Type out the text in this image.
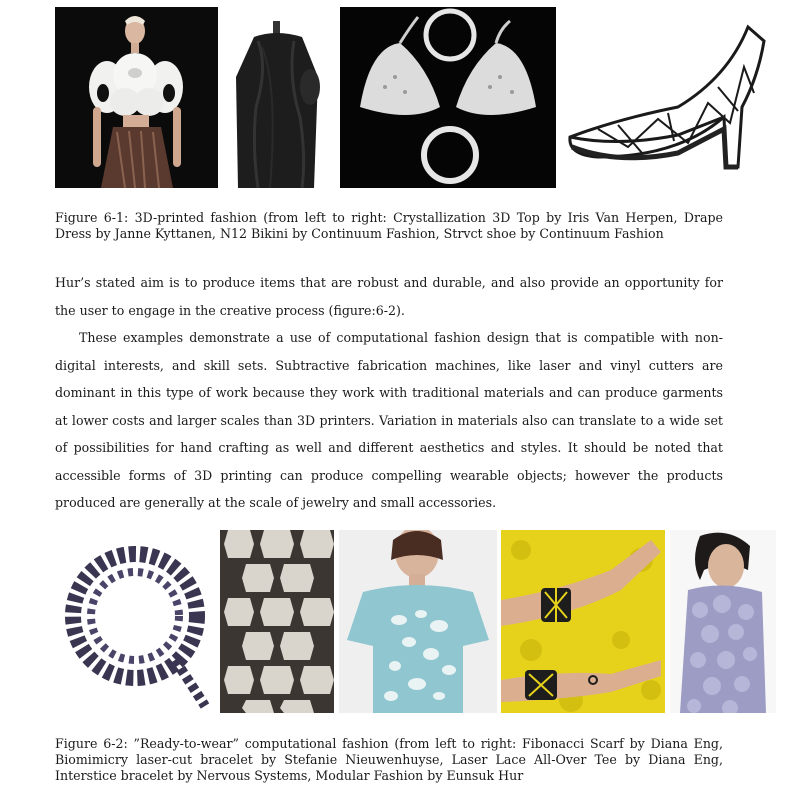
Figure 6-1: 3D-printed fashion (from left to right: Crystallization 3D Top by Iris Van Herpen, Drape Dress by Janne Kyttanen, N12 Bikini by Continuum Fashion, Strvct shoe by Continuum Fashion

Hur’s stated aim is to produce items that are robust and durable, and also provide an opportunity for the user to engage in the creative process (figure:6-2).

These examples demonstrate a use of computational fashion design that is compatible with non-digital interests, and skill sets. Subtractive fabrication machines, like laser and vinyl cutters are dominant in this type of work because they work with traditional materials and can produce garments at lower costs and larger scales than 3D printers. Variation in materials also can translate to a wide set of possibilities for hand crafting as well and different aesthetics and styles. It should be noted that accessible forms of 3D printing can produce compelling wearable objects; however the products produced are generally at the scale of jewelry and small accessories.

Figure 6-2: ”Ready-to-wear” computational fashion (from left to right: Fibonacci Scarf by Diana Eng, Biomimicry laser-cut bracelet by Stefanie Nieuwenhuyse, Laser Lace All-Over Tee by Diana Eng, Interstice bracelet by Nervous Systems, Modular Fashion by Eunsuk Hur
